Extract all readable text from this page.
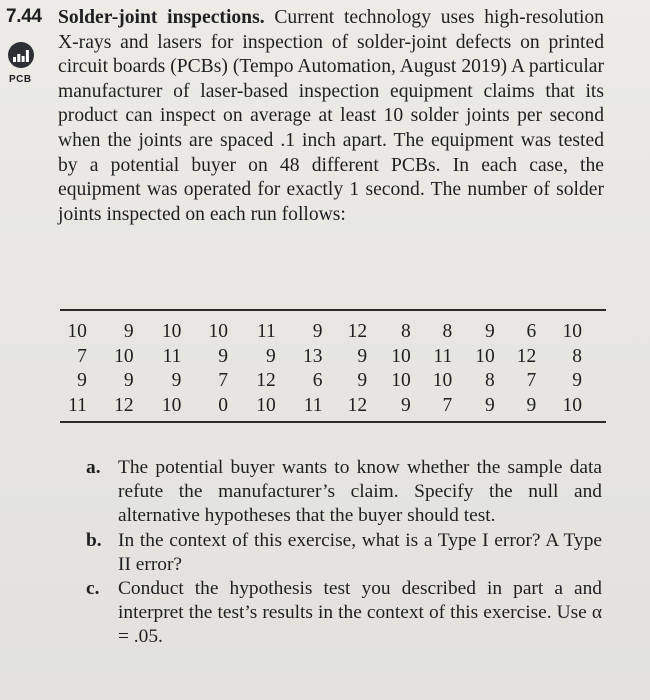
7.44
PCB
Solder-joint inspections. Current technology uses high-resolution X-rays and lasers for inspection of solder-joint defects on printed circuit boards (PCBs) (Tempo Automation, August 2019) A particular manufacturer of laser-based inspection equipment claims that its product can inspect on average at least 10 solder joints per second when the joints are spaced .1 inch apart. The equipment was tested by a potential buyer on 48 different PCBs. In each case, the equipment was operated for exactly 1 second. The number of solder joints inspected on each run follows:
10	9	10	10	11	9	12	8	8	9	6	10
7	10	11	9	9	13	9	10	11	10	12	8
9	9	9	7	12	6	9	10	10	8	7	9
11	12	10	0	10	11	12	9	7	9	9	10
a. The potential buyer wants to know whether the sample data refute the manufacturer’s claim. Specify the null and alternative hypotheses that the buyer should test.
b. In the context of this exercise, what is a Type I error? A Type II error?
c. Conduct the hypothesis test you described in part a and interpret the test’s results in the context of this exercise. Use α = .05.
